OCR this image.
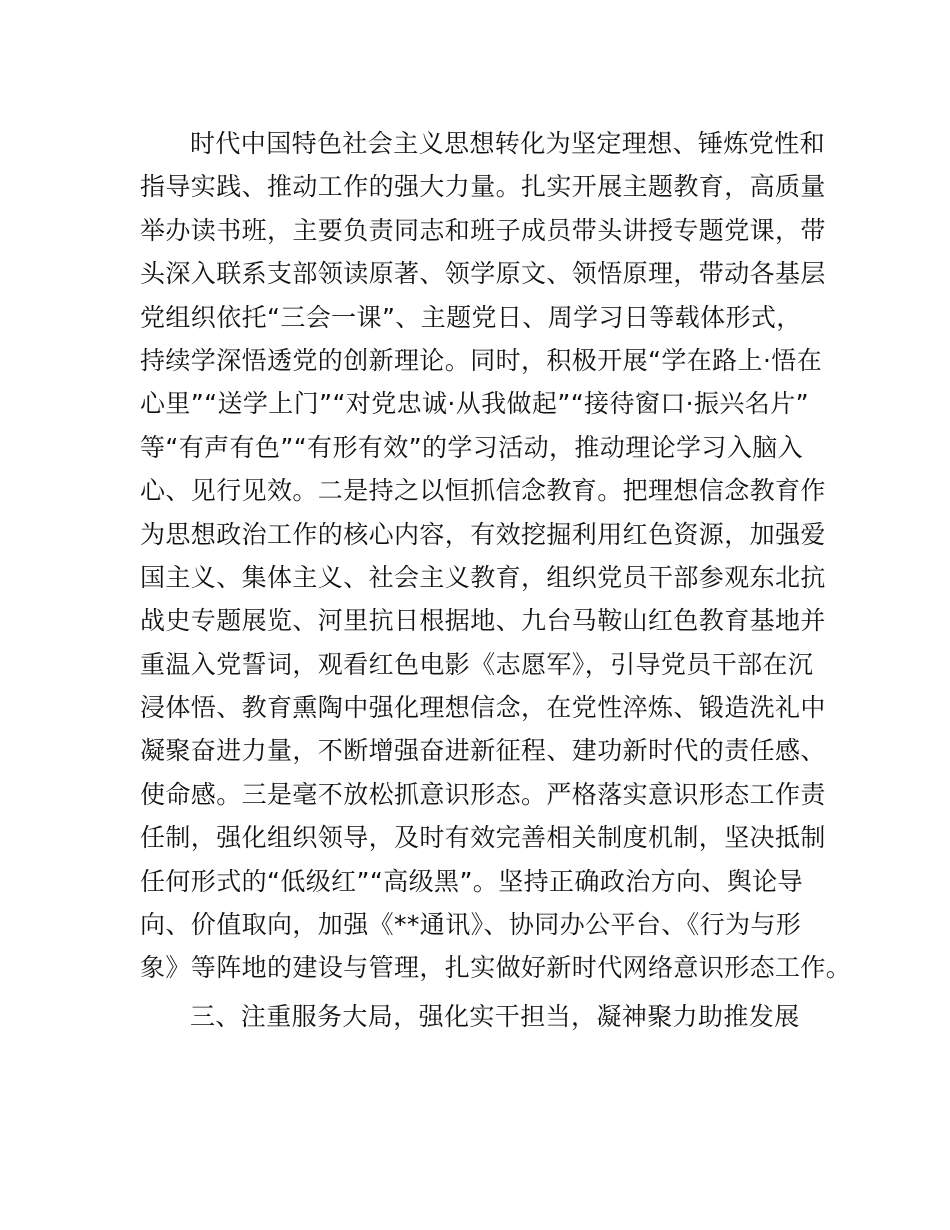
时代中国特色社会主义思想转化为坚定理想、锤炼党性和
指导实践、推动工作的强大力量。扎实开展主题教育，高质量
举办读书班，主要负责同志和班子成员带头讲授专题党课，带
头深入联系支部领读原著、领学原文、领悟原理，带动各基层
党组织依托“三会一课”、主题党日、周学习日等载体形式，
持续学深悟透党的创新理论。同时，积极开展“学在路上·悟在
心里”“送学上门”“对党忠诚·从我做起”“接待窗口·振兴名片”
等“有声有色”“有形有效”的学习活动，推动理论学习入脑入
心、见行见效。二是持之以恒抓信念教育。把理想信念教育作
为思想政治工作的核心内容，有效挖掘利用红色资源，加强爱
国主义、集体主义、社会主义教育，组织党员干部参观东北抗
战史专题展览、河里抗日根据地、九台马鞍山红色教育基地并
重温入党誓词，观看红色电影《志愿军》，引导党员干部在沉
浸体悟、教育熏陶中强化理想信念，在党性淬炼、锻造洗礼中
凝聚奋进力量，不断增强奋进新征程、建功新时代的责任感、
使命感。三是毫不放松抓意识形态。严格落实意识形态工作责
任制，强化组织领导，及时有效完善相关制度机制，坚决抵制
任何形式的“低级红”“高级黑”。坚持正确政治方向、舆论导
向、价值取向，加强《**通讯》、协同办公平台、《行为与形
象》等阵地的建设与管理，扎实做好新时代网络意识形态工作。
三、注重服务大局，强化实干担当，凝神聚力助推发展
